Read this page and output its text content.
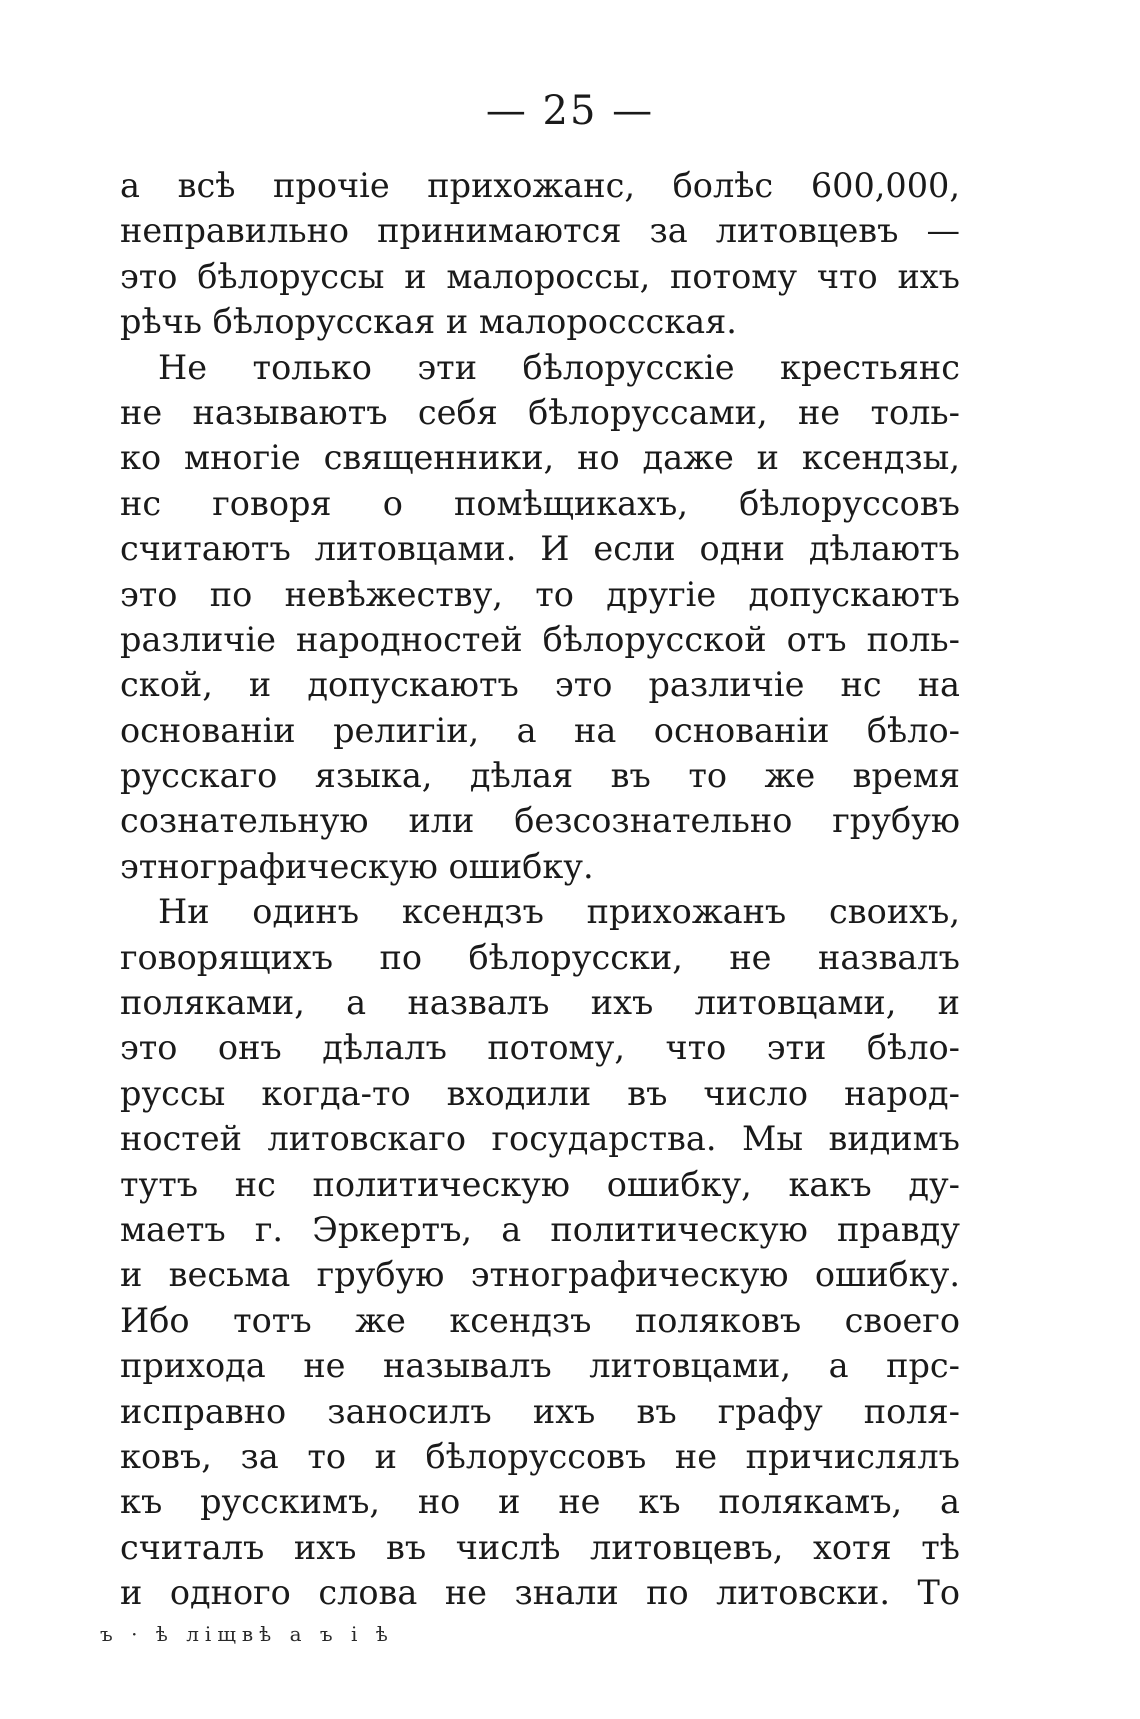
— 25 —
а всѣ прочіе прихожанс, болѣс 600,000,
неправильно принимаются за литовцевъ —
это бѣлоруссы и малороссы, потому что ихъ
рѣчь бѣлорусская и малороссская.
Не только эти бѣлорусскіе крестьянс
не называютъ себя бѣлоруссами, не толь-
ко многіе священники, но даже и ксендзы,
нс говоря о помѣщикахъ, бѣлоруссовъ
считаютъ литовцами. И если одни дѣлаютъ
это по невѣжеству, то другіе допускаютъ
различіе народностей бѣлорусской отъ поль-
ской, и допускаютъ это различіе нс на
основаніи религіи, а на основаніи бѣло-
русскаго языка, дѣлая въ то же время
сознательную или безсознательно грубую
этнографическую ошибку.
Ни одинъ ксендзъ прихожанъ своихъ,
говорящихъ по бѣлорусски, не назвалъ
поляками, а назвалъ ихъ литовцами, и
это онъ дѣлалъ потому, что эти бѣло-
руссы когда-то входили въ число народ-
ностей литовскаго государства. Мы видимъ
тутъ нс политическую ошибку, какъ ду-
маетъ г. Эркертъ, а политическую правду
и весьма грубую этнографическую ошибку.
Ибо тотъ же ксендзъ поляковъ своего
прихода не называлъ литовцами, а прс-
исправно заносилъ ихъ въ графу поля-
ковъ, за то и бѣлоруссовъ не причислялъ
къ русскимъ, но и не къ полякамъ, а
считалъ ихъ въ числѣ литовцевъ, хотя тѣ
и одного слова не знали по литовски. То
ъ · ѣ ліщвѣ а ъ і ѣ
